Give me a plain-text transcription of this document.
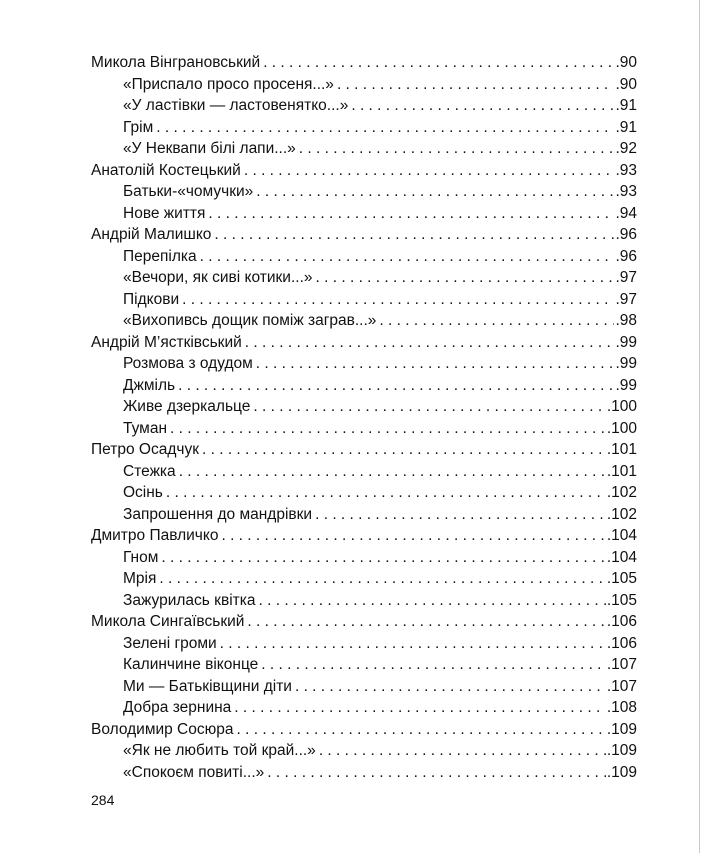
Микола Вінграновський . . .	.90
«Приспало просо просеня...» . . .	.90
«У ластівки — ластовенятко...» . . .	.91
Грім . . .	.91
«У Неквапи білі лапи...» . . .	.92
Анатолій Костецький . . .	.93
Батьки-«чомучки» . . .	.93
Нове життя . . .	.94
Андрій Малишко . . .	.96
Перепілка . . .	.96
«Вечори, як сиві котики...» . . .	.97
Підкови . . .	.97
«Вихопивсь дощик поміж заграв...» . . .	.98
Андрій М’ястківський . . .	.99
Розмова з одудом . . .	.99
Джміль . . .	.99
Живе дзеркальце . . .	.100
Туман . . .	.100
Петро Осадчук . . .	.101
Стежка . . .	.101
Осінь . . .	.102
Запрошення до мандрівки . . .	.102
Дмитро Павличко . . .	.104
Гном . . .	.104
Мрія . . .	.105
Зажурилась квітка . . .	.105
Микола Сингаївський . . .	.106
Зелені громи . . .	.106
Калинчине віконце . . .	.107
Ми — Батьківщини діти . . .	.107
Добра зернина . . .	.108
Володимир Сосюра . . .	.109
«Як не любить той край...» . . .	.109
«Спокоєм повиті...» . . .	.109
284
